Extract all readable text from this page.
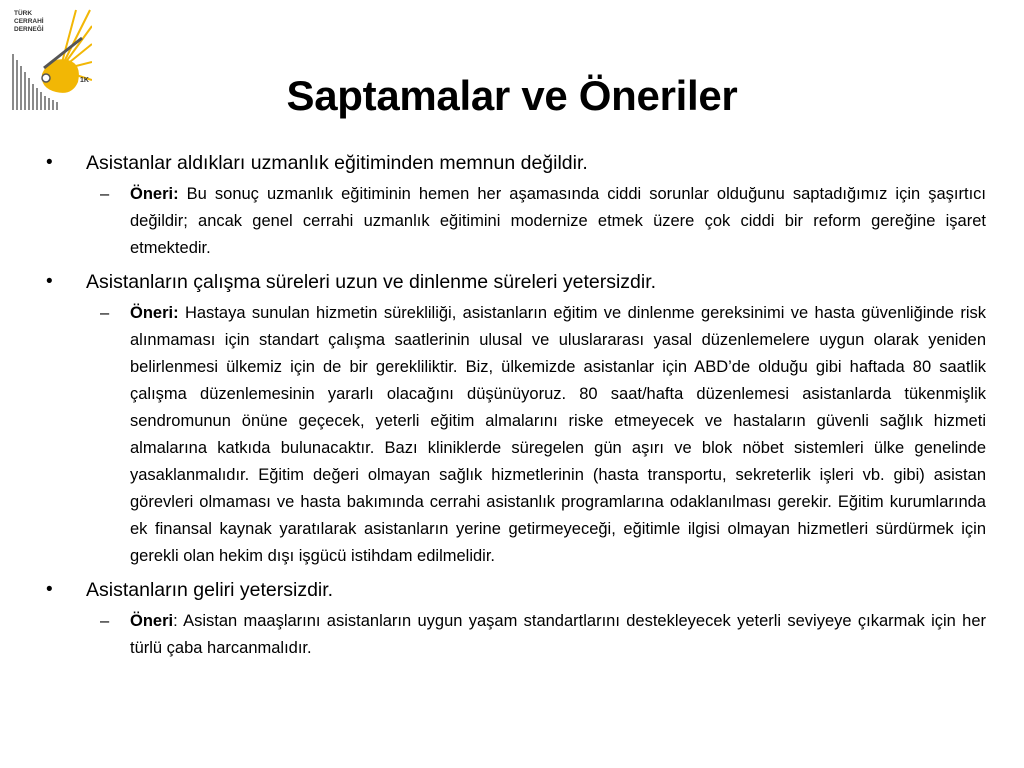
TÜRK
CERRAHİ
DERNEĞİ
1K	Saptamalar ve Öneriler
•	Asistanlar aldıkları uzmanlık eğitiminden memnun değildir.
– Öneri: Bu sonuç uzmanlık eğitiminin hemen her aşamasında ciddi sorunlar olduğunu saptadığımız için şaşırtıcı değildir; ancak genel cerrahi uzmanlık eğitimini modernize etmek üzere çok ciddi bir reform gereğine işaret etmektedir.
•	Asistanların çalışma süreleri uzun ve dinlenme süreleri yetersizdir.
– Öneri: Hastaya sunulan hizmetin sürekliliği, asistanların eğitim ve dinlenme gereksinimi ve hasta güvenliğinde risk alınmaması için standart çalışma saatlerinin ulusal ve uluslararası yasal düzenlemelere uygun olarak yeniden belirlenmesi ülkemiz için de bir gerekliliktir. Biz, ülkemizde asistanlar için ABD’de olduğu gibi haftada 80 saatlik çalışma düzenlemesinin yararlı olacağını düşünüyoruz. 80 saat/hafta düzenlemesi asistanlarda tükenmişlik sendromunun önüne geçecek, yeterli eğitim almalarını riske etmeyecek ve hastaların güvenli sağlık hizmeti almalarına katkıda bulunacaktır. Bazı kliniklerde süregelen gün aşırı ve blok nöbet sistemleri ülke genelinde yasaklanmalıdır. Eğitim değeri olmayan sağlık hizmetlerinin (hasta transportu, sekreterlik işleri vb. gibi) asistan görevleri olmaması ve hasta bakımında cerrahi asistanlık programlarına odaklanılması gerekir. Eğitim kurumlarında ek finansal kaynak yaratılarak asistanların yerine getirmeyeceği, eğitimle ilgisi olmayan hizmetleri sürdürmek için gerekli olan hekim dışı işgücü istihdam edilmelidir.
•	Asistanların geliri yetersizdir.
– Öneri: Asistan maaşlarını asistanların uygun yaşam standartlarını destekleyecek yeterli seviyeye çıkarmak için her türlü çaba harcanmalıdır.
